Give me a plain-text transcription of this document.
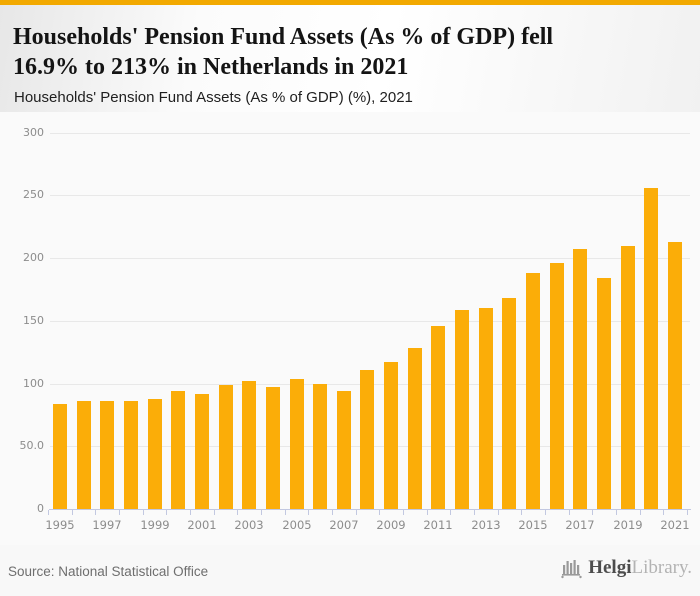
Households' Pension Fund Assets (As % of GDP) fell
16.9% to 213% in Netherlands in 2021
Households' Pension Fund Assets (As % of GDP) (%), 2021
0
50.0
100
150
200
250
300
1995	1997	1999	2001	2003	2005	2007	2009	2011	2013	2015	2017	2019	2021
Source: National Statistical Office	HelgiLibrary.
